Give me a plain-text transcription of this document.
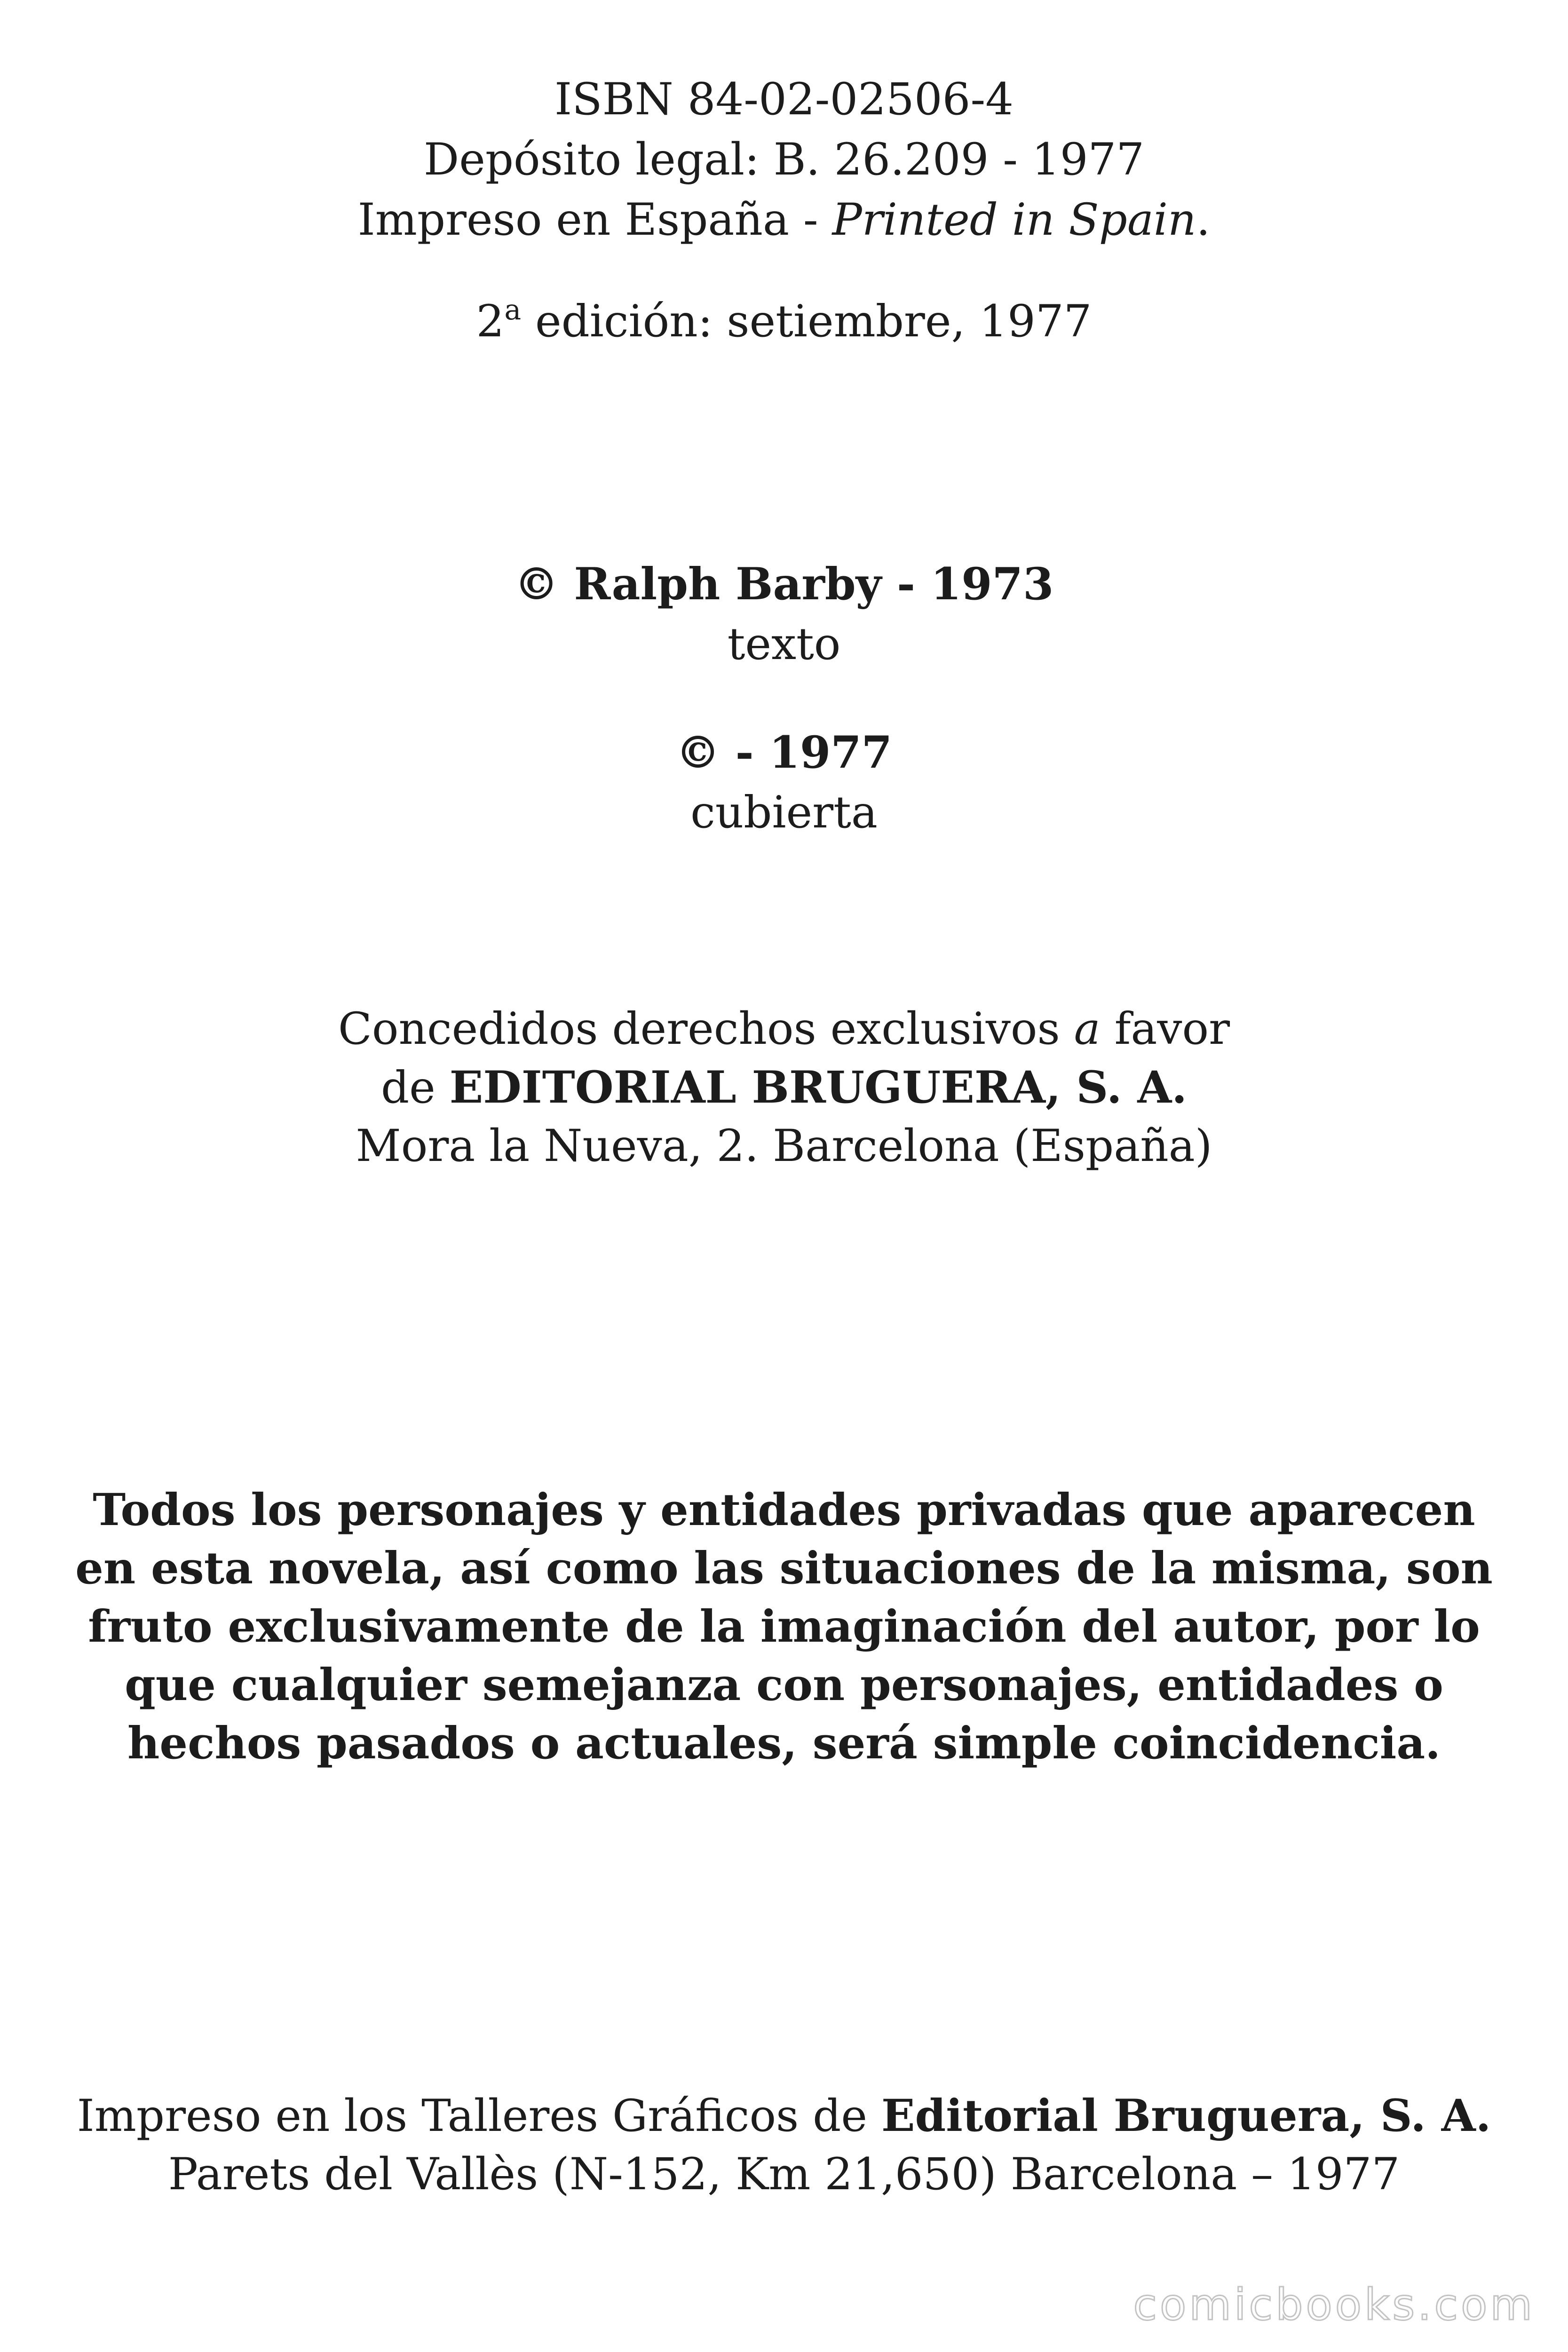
ISBN 84-02-02506-4
Depósito legal: B. 26.209 - 1977
Impreso en España - Printed in Spain.
2$^a$ edición: setiembre, 1977
© Ralph Barby - 1973
texto
© - 1977
cubierta
Concedidos derechos exclusivos a favor
de EDITORIAL BRUGUERA, S. A.
Mora la Nueva, 2. Barcelona (España)
Todos los personajes y entidades privadas que aparecen
en esta novela, así como las situaciones de la misma, son
fruto exclusivamente de la imaginación del autor, por lo
que cualquier semejanza con personajes, entidades o
hechos pasados o actuales, será simple coincidencia.
Impreso en los Talleres Gráficos de Editorial Bruguera, S. A.
Parets del Vallès (N-152, Km 21,650) Barcelona – 1977
comicbooks.com
